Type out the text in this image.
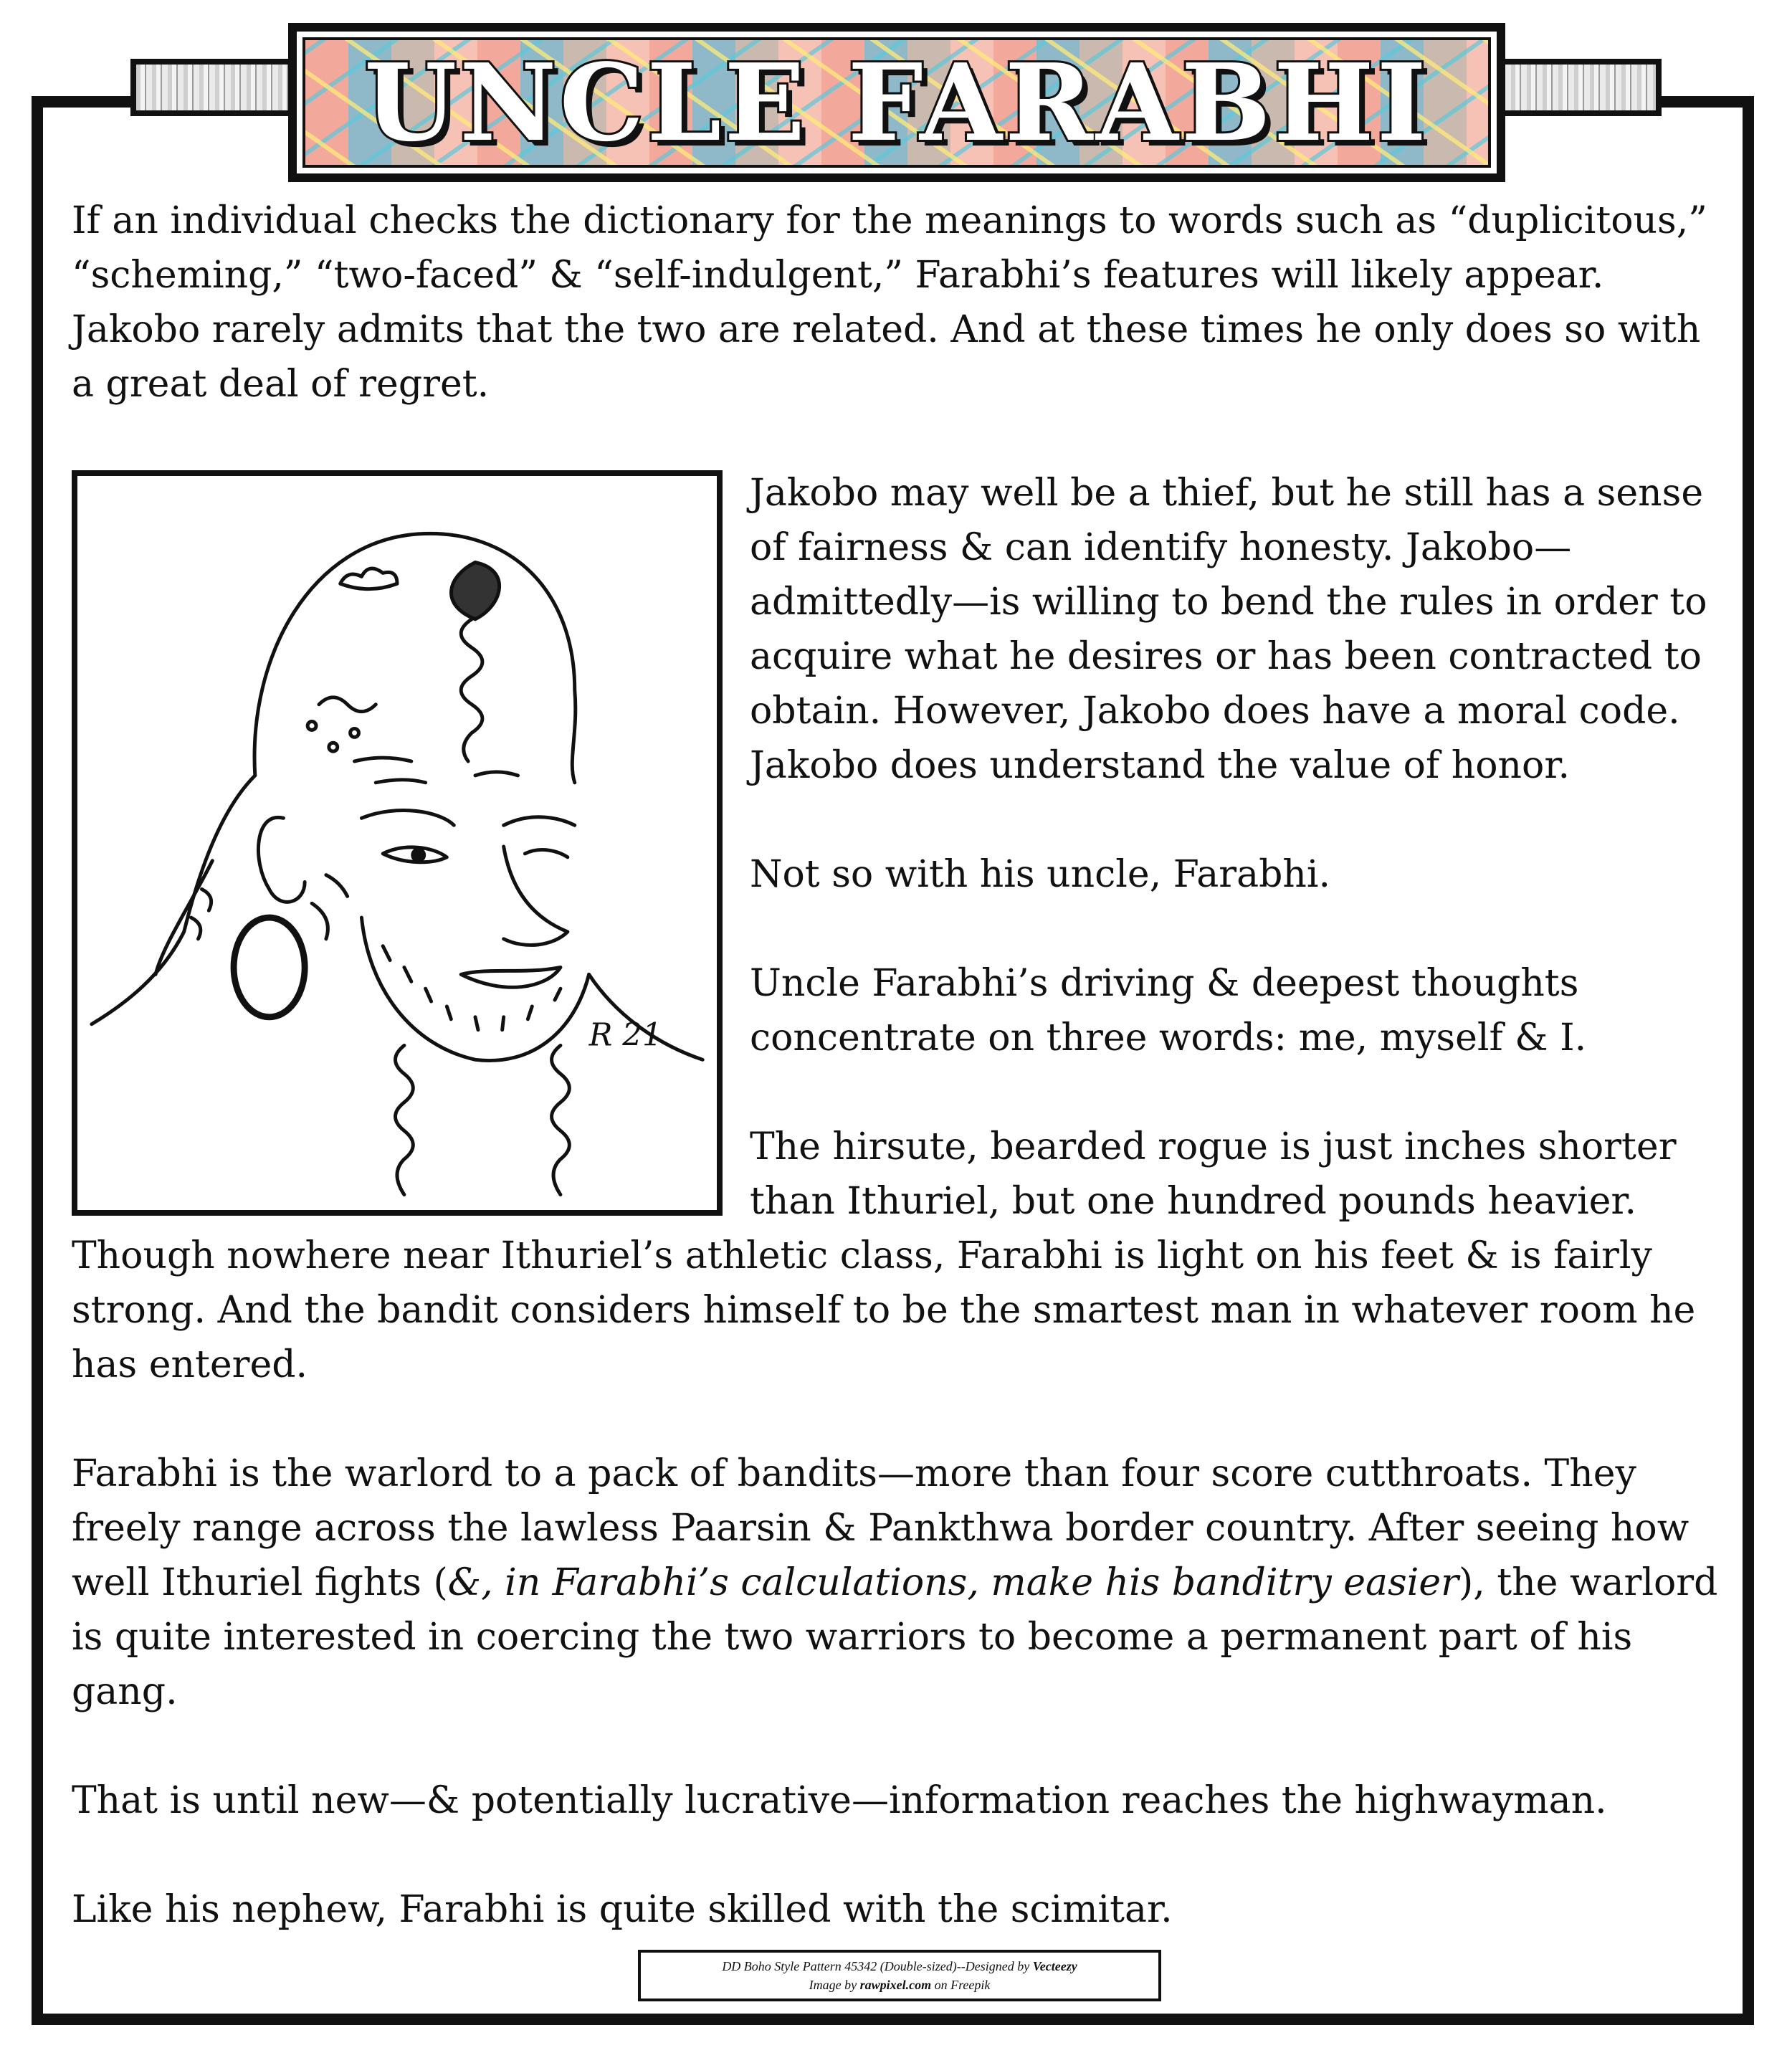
UNCLE FARABHI

If an individual checks the dictionary for the meanings to words such as “duplicitous,” “scheming,” “two-faced” & “self-indulgent,” Farabhi’s features will likely appear. Jakobo rarely admits that the two are related. And at these times he only does so with a great deal of regret.

R 21

Jakobo may well be a thief, but he still has a sense of fairness & can identify honesty. Jakobo—admittedly—is willing to bend the rules in order to acquire what he desires or has been contracted to obtain. However, Jakobo does have a moral code. Jakobo does understand the value of honor.

Not so with his uncle, Farabhi.

Uncle Farabhi’s driving & deepest thoughts concentrate on three words: me, myself & I.

The hirsute, bearded rogue is just inches shorter than Ithuriel, but one hundred pounds heavier. Though nowhere near Ithuriel’s athletic class, Farabhi is light on his feet & is fairly strong. And the bandit considers himself to be the smartest man in whatever room he has entered.

Farabhi is the warlord to a pack of bandits—more than four score cutthroats. They freely range across the lawless Paarsin & Pankthwa border country. After seeing how well Ithuriel fights (&, in Farabhi’s calculations, make his banditry easier), the warlord is quite interested in coercing the two warriors to become a permanent part of his gang.

That is until new—& potentially lucrative—information reaches the highwayman.

Like his nephew, Farabhi is quite skilled with the scimitar.

DD Boho Style Pattern 45342 (Double-sized)--Designed by Vecteezy
Image by rawpixel.com on Freepik
